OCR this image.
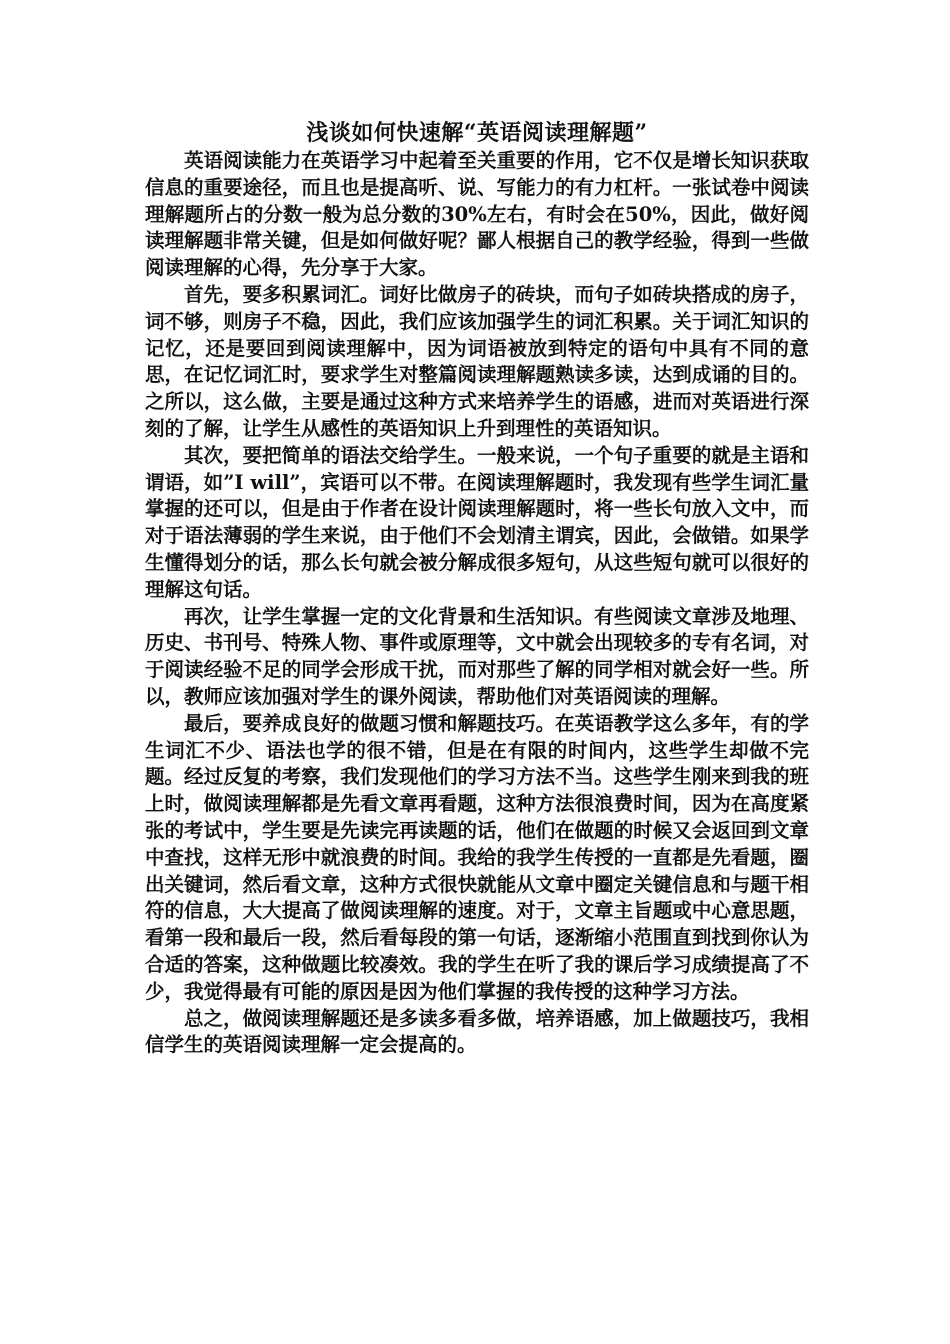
浅谈如何快速解“英语阅读理解题”

英语阅读能力在英语学习中起着至关重要的作用，它不仅是增长知识获取信息的重要途径，而且也是提高听、说、写能力的有力杠杆。一张试卷中阅读理解题所占的分数一般为总分数的30%左右，有时会在50%，因此，做好阅读理解题非常关键，但是如何做好呢？鄙人根据自己的教学经验，得到一些做阅读理解的心得，先分享于大家。

首先，要多积累词汇。词好比做房子的砖块，而句子如砖块搭成的房子，词不够，则房子不稳，因此，我们应该加强学生的词汇积累。关于词汇知识的记忆，还是要回到阅读理解中，因为词语被放到特定的语句中具有不同的意思，在记忆词汇时，要求学生对整篇阅读理解题熟读多读，达到成诵的目的。之所以，这么做，主要是通过这种方式来培养学生的语感，进而对英语进行深刻的了解，让学生从感性的英语知识上升到理性的英语知识。

其次，要把简单的语法交给学生。一般来说，一个句子重要的就是主语和谓语，如”I will”，宾语可以不带。在阅读理解题时，我发现有些学生词汇量掌握的还可以，但是由于作者在设计阅读理解题时，将一些长句放入文中，而对于语法薄弱的学生来说，由于他们不会划清主谓宾，因此，会做错。如果学生懂得划分的话，那么长句就会被分解成很多短句，从这些短句就可以很好的理解这句话。

再次，让学生掌握一定的文化背景和生活知识。有些阅读文章涉及地理、历史、书刊号、特殊人物、事件或原理等，文中就会出现较多的专有名词，对于阅读经验不足的同学会形成干扰，而对那些了解的同学相对就会好一些。所以，教师应该加强对学生的课外阅读，帮助他们对英语阅读的理解。

最后，要养成良好的做题习惯和解题技巧。在英语教学这么多年，有的学生词汇不少、语法也学的很不错，但是在有限的时间内，这些学生却做不完题。经过反复的考察，我们发现他们的学习方法不当。这些学生刚来到我的班上时，做阅读理解都是先看文章再看题，这种方法很浪费时间，因为在高度紧张的考试中，学生要是先读完再读题的话，他们在做题的时候又会返回到文章中查找，这样无形中就浪费的时间。我给的我学生传授的一直都是先看题，圈出关键词，然后看文章，这种方式很快就能从文章中圈定关键信息和与题干相符的信息，大大提高了做阅读理解的速度。对于，文章主旨题或中心意思题，看第一段和最后一段，然后看每段的第一句话，逐渐缩小范围直到找到你认为合适的答案，这种做题比较凑效。我的学生在听了我的课后学习成绩提高了不少，我觉得最有可能的原因是因为他们掌握的我传授的这种学习方法。

总之，做阅读理解题还是多读多看多做，培养语感，加上做题技巧，我相信学生的英语阅读理解一定会提高的。
